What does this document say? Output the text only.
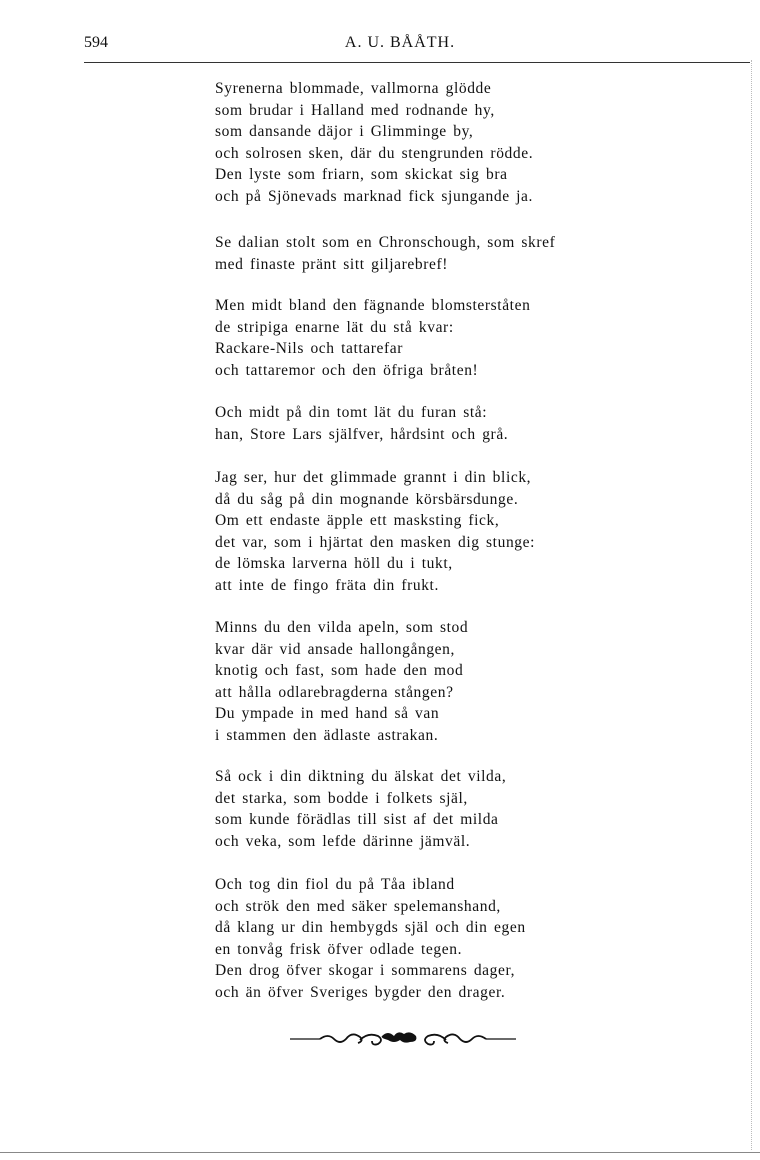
594	A. U. BÅÅTH.
Syrenerna blommade, vallmorna glödde
som brudar i Halland med rodnande hy,
som dansande däjor i Glimminge by,
och solrosen sken, där du stengrunden rödde.
Den lyste som friarn, som skickat sig bra
och på Sjönevads marknad fick sjungande ja.
Se dalian stolt som en Chronschough, som skref
med finaste pränt sitt giljarebref!
Men midt bland den fägnande blomsterståten
de stripiga enarne lät du stå kvar:
Rackare-Nils och tattarefar
och tattaremor och den öfriga bråten!
Och midt på din tomt lät du furan stå:
han, Store Lars själfver, hårdsint och grå.
Jag ser, hur det glimmade grannt i din blick,
då du såg på din mognande körsbärsdunge.
Om ett endaste äpple ett masksting fick,
det var, som i hjärtat den masken dig stunge:
de lömska larverna höll du i tukt,
att inte de fingo fräta din frukt.
Minns du den vilda apeln, som stod
kvar där vid ansade hallongången,
knotig och fast, som hade den mod
att hålla odlarebragderna stången?
Du ympade in med hand så van
i stammen den ädlaste astrakan.
Så ock i din diktning du älskat det vilda,
det starka, som bodde i folkets själ,
som kunde förädlas till sist af det milda
och veka, som lefde därinne jämväl.
Och tog din fiol du på Tåa ibland
och strök den med säker spelemanshand,
då klang ur din hembygds själ och din egen
en tonvåg frisk öfver odlade tegen.
Den drog öfver skogar i sommarens dager,
och än öfver Sveriges bygder den drager.
